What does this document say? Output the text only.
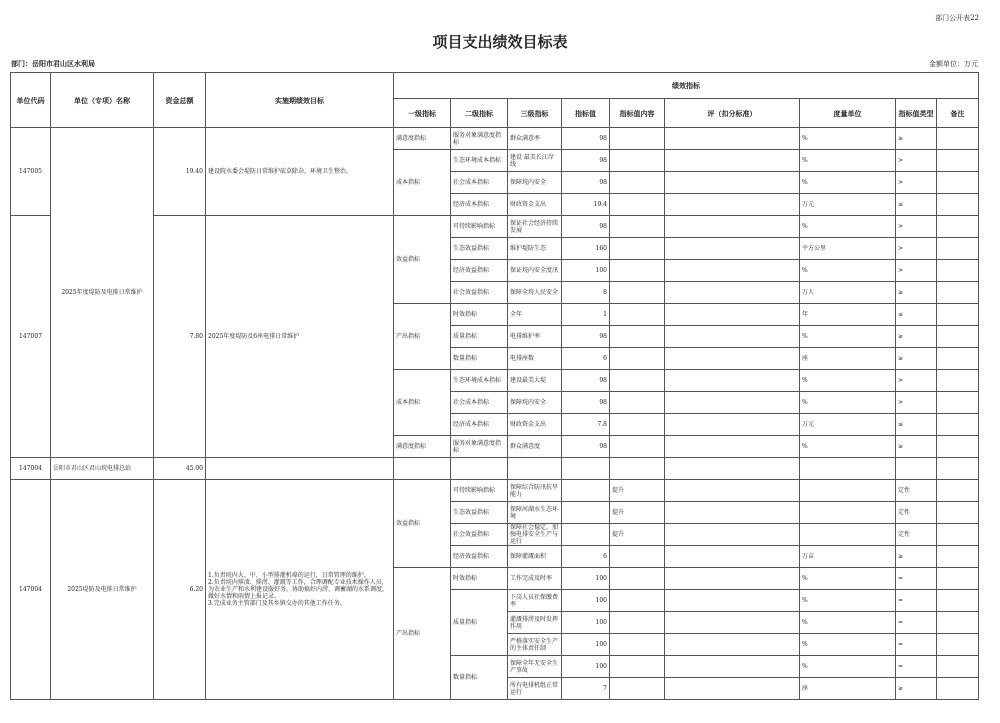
部门公开表22
项目支出绩效目标表
部门：岳阳市君山区水利局	金额单位：万元
单位代码	单位（专项）名称	资金总额	实施期绩效目标	绩效指标								
				一级指标	二级指标	三级指标	指标值	指标值内容	评（扣分标准）	度量单位	指标值类型	备注
147005	2025年度堤防及电排日常维护	19.40	建设院水委会堤防日常维护砍草除杂，环境卫生整治。	满意度指标	服务对象满意度指标	群众满意率	98			%	≥	
				成本指标	生态环境成本指标	建设 最美长江岸线	98			%	>	
					社会成本指标	保障垸内安全	98			%	>	
					经济成本指标	财政资金支出	19.4			万元	≤	
147007		7.80	2025年度堤防及6座电排日常维护	效益指标	可持续影响指标	保证社会经济持续发展	98			%	>	
					生态效益指标	维护堤防生态	160			平方公里	>	
					经济效益指标	保证垸内安全度汛	100			%	>	
					社会效益指标	保障全垸人民安全	8			万人	≥	
				产出指标	时效指标	全年	1			年	≤	
					质量指标	电排维护率	98			%	≥	
					数量指标	电排座数	6			座	≥	
				成本指标	生态环境成本指标	建设最美大堤	98			%	>	
					社会成本指标	保障垸内安全	98			%	>	
					经济成本指标	财政资金支出	7.8			万元	≤	
				满意度指标	服务对象满意度指标	群众满意度	98			%	≥	
147004	岳阳市君山区君山垸电排总站	45.00										
147004	2025堤防及电排日常维护	6.20	1.负责垸内大、中、小型排灌机埠的运行，日常管理的维护。
2.负责垸内排渍、排涝、灌溉等工作，合理调配专业技术操作人员，为农业生产和水利建设服好务，协助搞好内涝、调蓄湖的水系调度，做好水情和雨情上报记录。
3.完成业务主管部门及其乡镇交办的其他工作任务。	效益指标	可持续影响指标	保障综合防汛抗旱能力		提升			定性	
					生态效益指标	保障河湖水生态环境		提升			定性	
					社会效益指标	保障社会稳定，加强电排安全生产与运行		提升			定性	
					经济效益指标	保障灌溉面积	6			万亩	≥	
				产出指标	时效指标	工作完成及时率	100			%	=	
					质量指标	下岗人员社保缴费率	100			%	=	
						灌溉排涝及时发挥作用	100			%	=	
						严格落实安全生产的主体责任制	100			%	=	
					数量指标	保障全年无安全生产事故	100			%	=	
						所有电排机组正常运行	7			座	≥	
